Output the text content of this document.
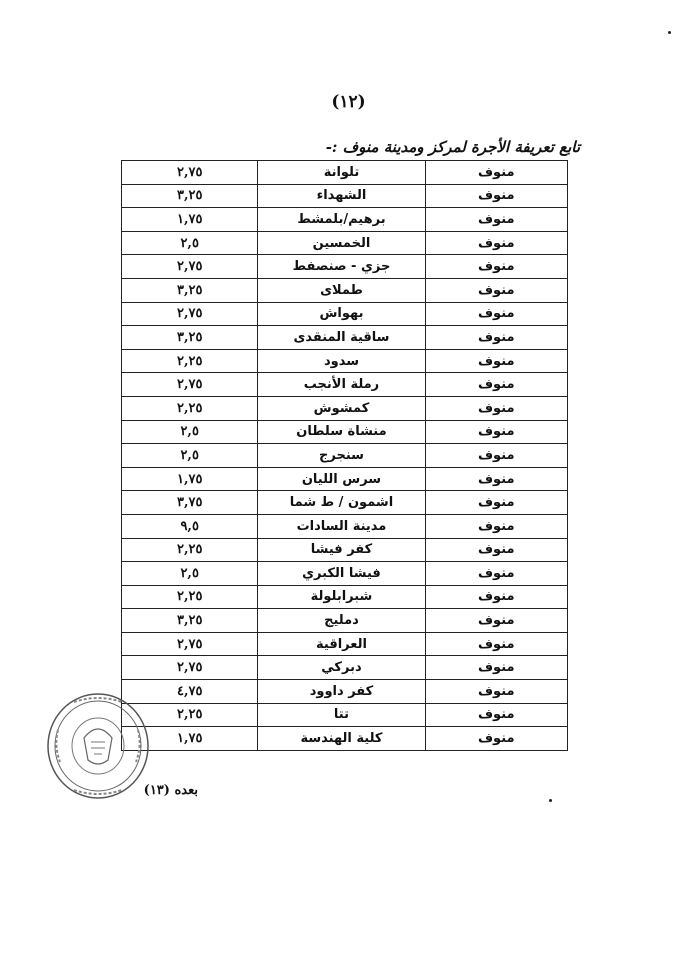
(١٢)
تابع تعريفة الأجرة لمركز ومدينة منوف :-
منوف	تلوانة	٢,٧٥
منوف	الشهداء	٣,٢٥
منوف	برهيم/بلمشط	١,٧٥
منوف	الخمسين	٢,٥
منوف	جزي - صنصفط	٢,٧٥
منوف	طملاى	٣,٢٥
منوف	بهواش	٢,٧٥
منوف	ساقية المنقدى	٣,٢٥
منوف	سدود	٢,٢٥
منوف	رملة الأنجب	٢,٧٥
منوف	كمشوش	٢,٢٥
منوف	منشاة سلطان	٢,٥
منوف	سنجرج	٢,٥
منوف	سرس الليان	١,٧٥
منوف	اشمون / ط شما	٣,٧٥
منوف	مدينة السادات	٩,٥
منوف	كفر فيشا	٢,٢٥
منوف	فيشا الكبري	٢,٥
منوف	شبرابلولة	٢,٢٥
منوف	دمليج	٣,٢٥
منوف	العراقية	٢,٧٥
منوف	دبركي	٢,٧٥
منوف	كفر داوود	٤,٧٥
منوف	تتا	٢,٢٥
منوف	كلية الهندسة	١,٧٥
بعده (١٣)
